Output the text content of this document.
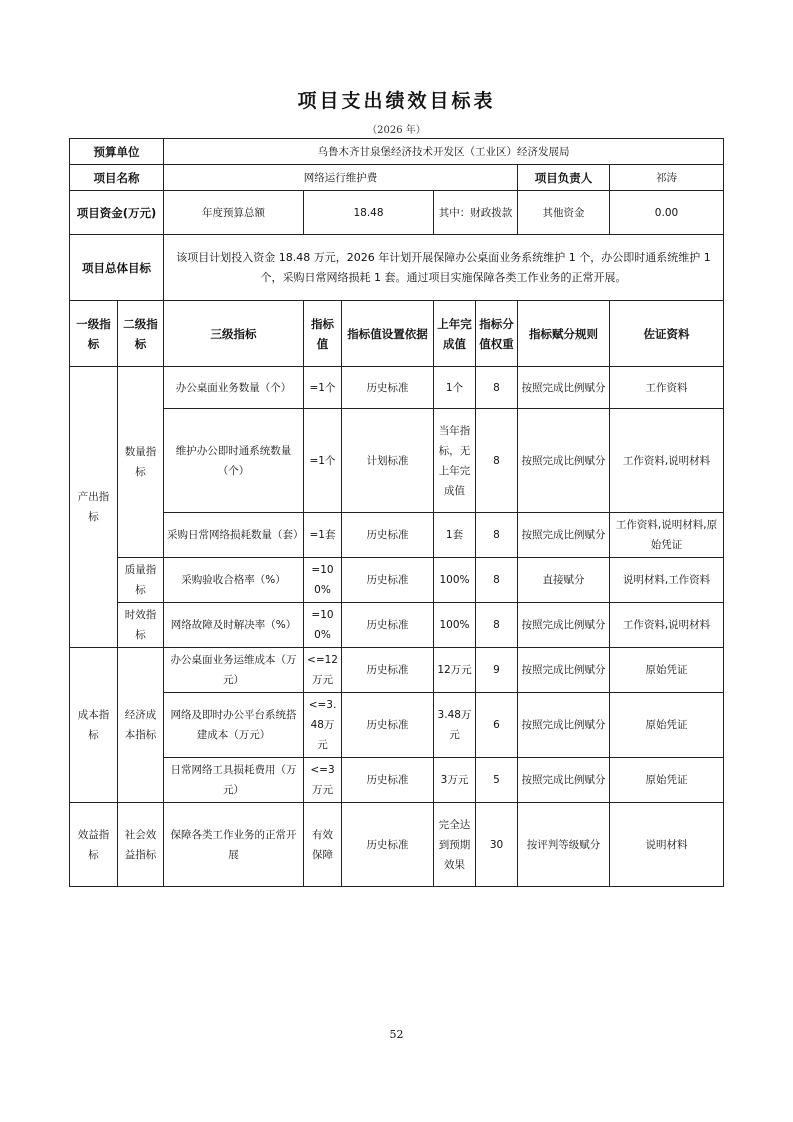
项目支出绩效目标表
（2026 年）
预算单位		乌鲁木齐甘泉堡经济技术开发区（工业区）经济发展局						
项目名称		网络运行维护费					项目负责人	祁涛
项目资金(万元)		年度预算总额	18.48		其中：财政拨款		其他资金	0.00
项目总体目标		该项目计划投入资金 18.48 万元，2026 年计划开展保障办公桌面业务系统维护 1 个，办公即时通系统维护 1 个，采购日常网络损耗 1 套。通过项目实施保障各类工作业务的正常开展。						
一级指标	二级指标	三级指标	指标值	指标值设置依据	上年完成值	指标分值权重	指标赋分规则	佐证资料
产出指标	数量指标	办公桌面业务数量（个）	=1个	历史标准	1个	8	按照完成比例赋分	工作资料
		维护办公即时通系统数量（个）	=1个	计划标准	当年指标，无上年完成值	8	按照完成比例赋分	工作资料,说明材料
		采购日常网络损耗数量（套）	=1套	历史标准	1套	8	按照完成比例赋分	工作资料,说明材料,原始凭证
	质量指标	采购验收合格率（%）	=100%	历史标准	100%	8	直接赋分	说明材料,工作资料
	时效指标	网络故障及时解决率（%）	=100%	历史标准	100%	8	按照完成比例赋分	工作资料,说明材料
成本指标	经济成本指标	办公桌面业务运维成本（万元）	<=12万元	历史标准	12万元	9	按照完成比例赋分	原始凭证
		网络及即时办公平台系统搭建成本（万元）	<=3.48万元	历史标准	3.48万元	6	按照完成比例赋分	原始凭证
		日常网络工具损耗费用（万元）	<=3万元	历史标准	3万元	5	按照完成比例赋分	原始凭证
效益指标	社会效益指标	保障各类工作业务的正常开展	有效保障	历史标准	完全达到预期效果	30	按评判等级赋分	说明材料
52
